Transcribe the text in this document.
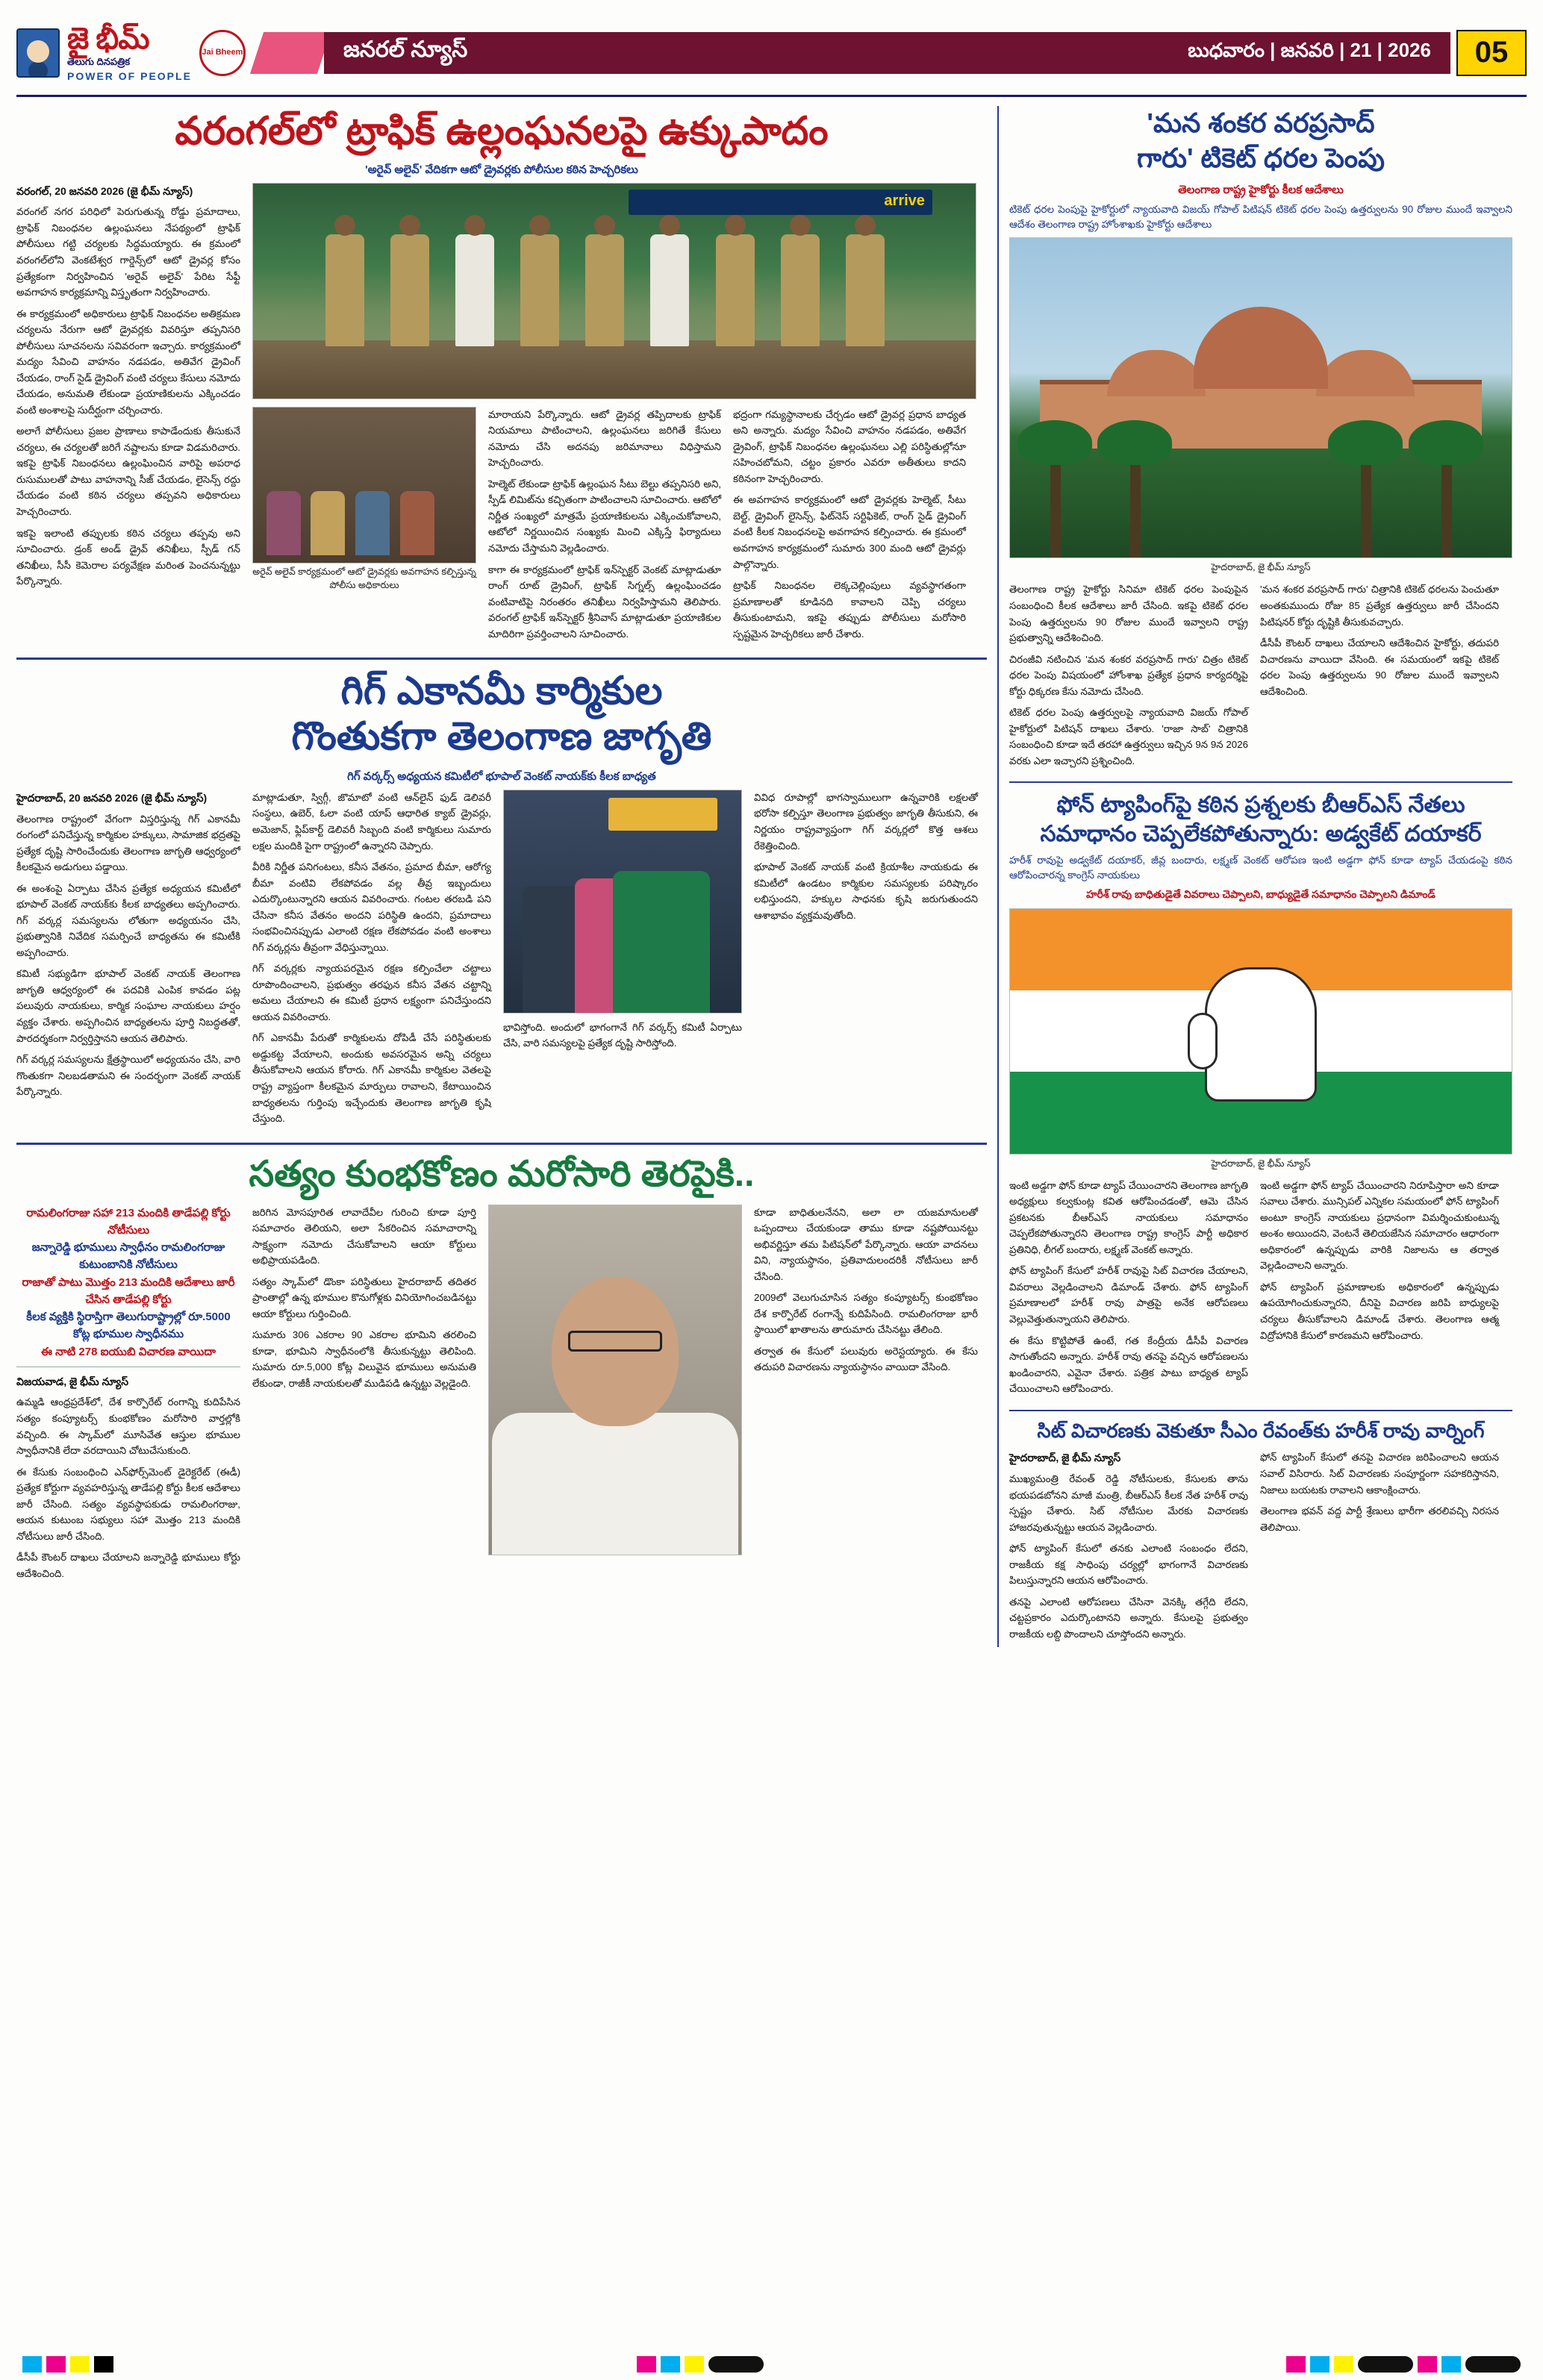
జై భీమ్
తెలుగు దినపత్రిక
POWER OF PEOPLE
Jai Bheem	జనరల్ న్యూస్	బుధవారం | జనవరి | 21 | 2026	05
వరంగల్‌లో ట్రాఫిక్ ఉల్లంఘనలపై ఉక్కుపాదం
'అరైవ్ అలైవ్' వేదికగా ఆటో డ్రైవర్లకు పోలీసుల కఠిన హెచ్చరికలు
వరంగల్, 20 జనవరి 2026 (జై భీమ్ న్యూస్)

వరంగల్ నగర పరిధిలో పెరుగుతున్న రోడ్డు ప్రమాదాలు, ట్రాఫిక్ నిబంధనల ఉల్లంఘనలు నేపథ్యంలో ట్రాఫిక్ పోలీసులు గట్టి చర్యలకు సిద్ధమయ్యారు. ఈ క్రమంలో వరంగల్‌లోని వెంకటేశ్వర గార్డెన్స్‌లో ఆటో డ్రైవర్ల కోసం ప్రత్యేకంగా నిర్వహించిన 'అరైవ్ అలైవ్' పేరిట సేఫ్టీ అవగాహన కార్యక్రమాన్ని విస్తృతంగా నిర్వహించారు.

ఈ కార్యక్రమంలో అధికారులు ట్రాఫిక్ నిబంధనల అతిక్రమణ చర్యలను నేరుగా ఆటో డ్రైవర్లకు వివరిస్తూ తప్పనిసరి పోలీసులు సూచనలను సవివరంగా ఇచ్చారు. కార్యక్రమంలో మద్యం సేవించి వాహనం నడపడం, అతివేగ డ్రైవింగ్ చేయడం, రాంగ్ సైడ్ డ్రైవింగ్ వంటి చర్యలు కేసులు నమోదు చేయడం, అనుమతి లేకుండా ప్రయాణికులను ఎక్కించడం వంటి అంశాలపై సుదీర్ఘంగా చర్చించారు.

అలాగే పోలీసులు ప్రజల ప్రాణాలు కాపాడేందుకు తీసుకునే చర్యలు, ఈ చర్యలతో జరిగే నష్టాలను కూడా విడమరిచారు. ఇకపై ట్రాఫిక్ నిబంధనలు ఉల్లంఘించిన వారిపై అపరాధ రుసుములతో పాటు వాహనాన్ని సీజ్ చేయడం, లైసెన్స్ రద్దు చేయడం వంటి కఠిన చర్యలు తప్పవని అధికారులు హెచ్చరించారు.

ఇకపై ఇలాంటి తప్పులకు కఠిన చర్యలు తప్పవు అని సూచించారు. డ్రంక్ అండ్ డ్రైవ్ తనిఖీలు, స్పీడ్ గన్ తనిఖీలు, సీసీ కెమెరాల పర్యవేక్షణ మరింత పెంచనున్నట్టు పేర్కొన్నారు.

arrive
అరైవ్ అలైవ్ కార్యక్రమంలో ఆటో డ్రైవర్లకు అవగాహన కల్పిస్తున్న పోలీసు అధికారులు

మారాయని పేర్కొన్నారు. ఆటో డ్రైవర్ల తప్పిదాలకు ట్రాఫిక్ నియమాలు పాటించాలని, ఉల్లంఘనలు జరిగితే కేసులు నమోదు చేసి అదనపు జరిమానాలు విధిస్తామని హెచ్చరించారు.

హెల్మెట్ లేకుండా ట్రాఫిక్ ఉల్లంఘన సీటు బెల్టు తప్పనిసరి అని, స్పీడ్ లిమిట్‌ను కచ్చితంగా పాటించాలని సూచించారు. ఆటోలో నిర్ణీత సంఖ్యలో మాత్రమే ప్రయాణికులను ఎక్కించుకోవాలని, ఆటోలో నిర్ణయించిన సంఖ్యకు మించి ఎక్కిస్తే ఫిర్యాదులు నమోదు చేస్తామని వెల్లడించారు.

కాగా ఈ కార్యక్రమంలో ట్రాఫిక్ ఇన్‌స్పెక్టర్ వెంకట్ మాట్లాడుతూ రాంగ్ రూట్ డ్రైవింగ్, ట్రాఫిక్ సిగ్నల్స్ ఉల్లంఘించడం వంటివాటిపై నిరంతరం తనిఖీలు నిర్వహిస్తామని తెలిపారు. వరంగల్ ట్రాఫిక్ ఇన్‌స్పెక్టర్ శ్రీనివాస్ మాట్లాడుతూ ప్రయాణికుల మాదిరిగా ప్రవర్తించాలని సూచించారు.

భద్రంగా గమ్యస్థానాలకు చేర్చడం ఆటో డ్రైవర్ల ప్రధాన బాధ్యత అని అన్నారు. మద్యం సేవించి వాహనం నడపడం, అతివేగ డ్రైవింగ్, ట్రాఫిక్ నిబంధనల ఉల్లంఘనలు ఎల్లి పరిస్థితుల్లోనూ సహించబోమని, చట్టం ప్రకారం ఎవరూ అతీతులు కాదని కఠినంగా హెచ్చరించారు.

ఈ అవగాహన కార్యక్రమంలో ఆటో డ్రైవర్లకు హెల్మెట్, సీటు బెల్ట్, డ్రైవింగ్ లైసెన్స్, ఫిట్‌నెస్ సర్టిఫికెట్, రాంగ్ సైడ్ డ్రైవింగ్ వంటి కీలక నిబంధనలపై అవగాహన కల్పించారు. ఈ క్రమంలో అవగాహన కార్యక్రమంలో సుమారు 300 మంది ఆటో డ్రైవర్లు పాల్గొన్నారు.

ట్రాఫిక్ నిబంధనల లెక్కచెల్లింపులు వ్యవస్థాగతంగా ప్రమాణాలతో కూడినది కావాలని చెప్పి చర్యలు తీసుకుంటామని, ఇకపై తప్పుడు పోలీసులు మరోసారి స్పష్టమైన హెచ్చరికలు జారీ చేశారు.

గిగ్ ఎకానమీ కార్మికుల
గొంతుకగా తెలంగాణ జాగృతి
గిగ్ వర్కర్స్ అధ్యయన కమిటీలో భూపాల్ వెంకట్ నాయక్‌కు కీలక బాధ్యత
హైదరాబాద్, 20 జనవరి 2026 (జై భీమ్ న్యూస్)

తెలంగాణ రాష్ట్రంలో వేగంగా విస్తరిస్తున్న గిగ్ ఎకానమీ రంగంలో పనిచేస్తున్న కార్మికుల హక్కులు, సామాజిక భద్రతపై ప్రత్యేక దృష్టి సారించేందుకు తెలంగాణ జాగృతి ఆధ్వర్యంలో కీలకమైన అడుగులు పడ్డాయి.

ఈ అంశంపై ఏర్పాటు చేసిన ప్రత్యేక అధ్యయన కమిటీలో భూపాల్ వెంకట్ నాయక్‌కు కీలక బాధ్యతలు అప్పగించారు. గిగ్ వర్కర్ల సమస్యలను లోతుగా అధ్యయనం చేసి, ప్రభుత్వానికి నివేదిక సమర్పించే బాధ్యతను ఈ కమిటీకి అప్పగించారు.

కమిటీ సభ్యుడిగా భూపాల్ వెంకట్ నాయక్ తెలంగాణ జాగృతి ఆధ్వర్యంలో ఈ పదవికి ఎంపిక కావడం పట్ల పలువురు నాయకులు, కార్మిక సంఘాల నాయకులు హర్షం వ్యక్తం చేశారు. అప్పగించిన బాధ్యతలను పూర్తి నిబద్ధతతో, పారదర్శకంగా నిర్వర్తిస్తానని ఆయన తెలిపారు.

గిగ్ వర్కర్ల సమస్యలను క్షేత్రస్థాయిలో అధ్యయనం చేసి, వారి గొంతుకగా నిలబడతామని ఈ సందర్భంగా వెంకట్ నాయక్ పేర్కొన్నారు.

మాట్లాడుతూ, స్విగ్గీ, జొమాటో వంటి ఆన్‌లైన్ ఫుడ్ డెలివరీ సంస్థలు, ఉబెర్, ఓలా వంటి యాప్ ఆధారిత క్యాబ్ డ్రైవర్లు, అమెజాన్, ఫ్లిప్‌కార్ట్ డెలివరీ సిబ్బంది వంటి కార్మికులు సుమారు లక్షల మందికి పైగా రాష్ట్రంలో ఉన్నారని చెప్పారు.

వీరికి నిర్ణీత పనిగంటలు, కనీస వేతనం, ప్రమాద బీమా, ఆరోగ్య బీమా వంటివి లేకపోవడం వల్ల తీవ్ర ఇబ్బందులు ఎదుర్కొంటున్నారని ఆయన వివరించారు. గంటల తరబడి పని చేసినా కనీస వేతనం అందని పరిస్థితి ఉందని, ప్రమాదాలు సంభవించినప్పుడు ఎలాంటి రక్షణ లేకపోవడం వంటి అంశాలు గిగ్ వర్కర్లను తీవ్రంగా వేధిస్తున్నాయి.

గిగ్ వర్కర్లకు న్యాయపరమైన రక్షణ కల్పించేలా చట్టాలు రూపొందించాలని, ప్రభుత్వం తరఫున కనీస వేతన చట్టాన్ని అమలు చేయాలని ఈ కమిటీ ప్రధాన లక్ష్యంగా పనిచేస్తుందని ఆయన వివరించారు.

గిగ్ ఎకానమీ పేరుతో కార్మికులను దోపిడీ చేసే పరిస్థితులకు అడ్డుకట్ట వేయాలని, అందుకు అవసరమైన అన్ని చర్యలు తీసుకోవాలని ఆయన కోరారు. గిగ్ ఎకానమీ కార్మికుల వెతలపై రాష్ట్ర వ్యాప్తంగా కీలకమైన మార్పులు రావాలని, కేటాయించిన బాధ్యతలను గుర్తింపు ఇచ్చేందుకు తెలంగాణ జాగృతి కృషి చేస్తుంది.

భావిస్తోంది. అందులో భాగంగానే గిగ్ వర్కర్స్ కమిటీ ఏర్పాటు చేసి, వారి సమస్యలపై ప్రత్యేక దృష్టి సారిస్తోంది.

వివిధ రూపాల్లో భాగస్వాములుగా ఉన్నవారికి లక్షలతో భరోసా కల్పిస్తూ తెలంగాణ ప్రభుత్వం జాగృతి తీసుకుని, ఈ నిర్ణయం రాష్ట్రవ్యాప్తంగా గిగ్ వర్కర్లలో కొత్త ఆశలు రేకెత్తించింది.

భూపాల్ వెంకట్ నాయక్ వంటి క్రియాశీల నాయకుడు ఈ కమిటీలో ఉండటం కార్మికుల సమస్యలకు పరిష్కారం లభిస్తుందని, హక్కుల సాధనకు కృషి జరుగుతుందని ఆశాభావం వ్యక్తమవుతోంది.

సత్యం కుంభకోణం మరోసారి తెరపైకి..
రామలింగరాజు సహా 213 మందికి తాడేపల్లి కోర్టు నోటీసులు
జన్నారెడ్డి భూములు స్వాధీనం రామలింగరాజు కుటుంబానికి నోటీసులు
రాజాతో పాటు మొత్తం 213 మందికి ఆదేశాలు జారీ చేసిన తాడేపల్లి కోర్టు
కీలక వ్యక్తికి స్థిరాస్తిగా తెలుగురాష్ట్రాల్లో రూ.5000 కోట్ల భూముల స్వాధీనము
ఈ నాటి 278 ఐయుబి విచారణ వాయిదా
విజయవాడ, జై భీమ్ న్యూస్

ఉమ్మడి ఆంధ్రప్రదేశ్‌లో, దేశ కార్పొరేట్ రంగాన్ని కుదిపేసిన సత్యం కంప్యూటర్స్ కుంభకోణం మరోసారి వార్తల్లోకి వచ్చింది. ఈ స్కామ్‌లో మూసివేత ఆస్తుల భూముల స్వాధీనానికి లేదా వరదాయిని చోటుచేసుకుంది.

ఈ కేసుకు సంబంధించి ఎన్‌ఫోర్స్‌మెంట్ డైరెక్టరేట్ (ఈడీ) ప్రత్యేక కోర్టుగా వ్యవహరిస్తున్న తాడేపల్లి కోర్టు కీలక ఆదేశాలు జారీ చేసింది. సత్యం వ్యవస్థాపకుడు రామలింగరాజు, ఆయన కుటుంబ సభ్యులు సహా మొత్తం 213 మందికి నోటీసులు జారీ చేసింది.

డీసీపీ కౌంటర్ దాఖలు చేయాలని జన్నారెడ్డి భూములు కోర్టు ఆదేశించింది.

జరిగిన మోసపూరిత లావాదేవీల గురించి కూడా పూర్తి సమాచారం తెలియని, అలా సేకరించిన సమాచారాన్ని సాక్ష్యంగా నమోదు చేసుకోవాలని ఆయా కోర్టులు అభిప్రాయపడింది.

సత్యం స్కామ్‌లో డొంకా పరిస్థితులు హైదరాబాద్ తదితర ప్రాంతాల్లో ఉన్న భూముల కొనుగోళ్లకు వినియోగించబడినట్టు ఆయా కోర్టులు గుర్తించింది.

సుమారు 306 ఎకరాల 90 ఎకరాల భూమిని తరలించి కూడా, భూమిని స్వాధీనంలోకి తీసుకున్నట్టు తెలిపింది. సుమారు రూ.5,000 కోట్ల విలువైన భూములు అనుమతి లేకుండా, రాజీకీ నాయకులతో ముడిపడి ఉన్నట్టు వెల్లడైంది.

కూడా బాధితులనేనని, అలా లా యజమానులతో ఒప్పందాలు చేయకుండా తాము కూడా నష్టపోయినట్టు అభివర్ణిస్తూ తమ పిటిషన్‌లో పేర్కొన్నారు. ఆయా వాదనలు విని, న్యాయస్థానం, ప్రతివాదులందరికీ నోటీసులు జారీ చేసింది.

2009లో వెలుగుచూసిన సత్యం కంప్యూటర్స్ కుంభకోణం దేశ కార్పొరేట్ రంగాన్నే కుదిపేసింది. రామలింగరాజు భారీ స్థాయిలో ఖాతాలను తారుమారు చేసినట్టు తేలింది.

తర్వాత ఈ కేసులో పలువురు అరెస్టయ్యారు. ఈ కేసు తదుపరి విచారణను న్యాయస్థానం వాయిదా వేసింది.

'మన శంకర వరప్రసాద్
గారు' టికెట్ ధరల పెంపు
తెలంగాణ రాష్ట్ర హైకోర్టు కీలక ఆదేశాలు
టికెట్ ధరల పెంపుపై హైకోర్టులో న్యాయవాది విజయ్ గోపాల్ పిటిషన్ టికెట్ ధరల పెంపు ఉత్తర్వులను 90 రోజుల ముందే ఇవ్వాలని ఆదేశం తెలంగాణ రాష్ట్ర హోంశాఖకు హైకోర్టు ఆదేశాలు
హైదరాబాద్, జై భీమ్ న్యూస్

తెలంగాణ రాష్ట్ర హైకోర్టు సినిమా టికెట్ ధరల పెంపుపైన సంబంధించి కీలక ఆదేశాలు జారీ చేసింది. ఇకపై టికెట్ ధరల పెంపు ఉత్తర్వులను 90 రోజుల ముందే ఇవ్వాలని రాష్ట్ర ప్రభుత్వాన్ని ఆదేశించింది.

చిరంజీవి నటించిన 'మన శంకర వరప్రసాద్ గారు' చిత్రం టికెట్ ధరల పెంపు విషయంలో హోంశాఖ ప్రత్యేక ప్రధాన కార్యదర్శిపై కోర్టు ధిక్కరణ కేసు నమోదు చేసింది.

టికెట్ ధరల పెంపు ఉత్తర్వులపై న్యాయవాది విజయ్ గోపాల్ హైకోర్టులో పిటిషన్ దాఖలు చేశారు. 'రాజా సాబ్' చిత్రానికి సంబంధించి కూడా ఇదే తరహా ఉత్తర్వులు ఇచ్చిన 9న 9న 2026 వరకు ఎలా ఇచ్చారని ప్రశ్నించింది.

'మన శంకర వరప్రసాద్ గారు' చిత్రానికి టికెట్ ధరలను పెంచుతూ అంతకుముందు రోజు 85 ప్రత్యేక ఉత్తర్వులు జారీ చేసిందని పిటిషనర్ కోర్టు దృష్టికి తీసుకువచ్చారు.

డీసీపీ కౌంటర్ దాఖలు చేయాలని ఆదేశించిన హైకోర్టు, తదుపరి విచారణను వాయిదా వేసింది. ఈ సమయంలో ఇకపై టికెట్ ధరల పెంపు ఉత్తర్వులను 90 రోజుల ముందే ఇవ్వాలని ఆదేశించింది.

ఫోన్ ట్యాపింగ్‌పై కఠిన ప్రశ్నలకు బీఆర్ఎస్ నేతలు
సమాధానం చెప్పలేకపోతున్నారు: అడ్వకేట్ దయాకర్
హరీశ్ రావుపై అడ్వకేట్ దయాకర్, జీవ్ల బందారు, లక్ష్మణ్ వెంకట్ ఆరోపణ ఇంటి అడ్డగా ఫోన్ కూడా ట్యాప్ చేయడంపై కఠిన ఆరోపించారన్న కాంగ్రెస్ నాయకులు
హరీశ్ రావు బాధితుడైతే వివరాలు చెప్పాలని, బాధ్యుడైతే సమాధానం చెప్పాలని డిమాండ్
హైదరాబాద్, జై భీమ్ న్యూస్

ఇంటి అడ్డగా ఫోన్ కూడా ట్యాప్ చేయించారని తెలంగాణ జాగృతి అధ్యక్షులు కల్వకుంట్ల కవిత ఆరోపించడంతో, ఆమె చేసిన ప్రకటనకు బీఆర్ఎస్ నాయకులు సమాధానం చెప్పలేకపోతున్నారని తెలంగాణ రాష్ట్ర కాంగ్రెస్ పార్టీ అధికార ప్రతినిధి, లీగల్ బందారు, లక్ష్మణ్ వెంకట్ అన్నారు.

ఫోన్ ట్యాపింగ్ కేసులో హరీశ్ రావుపై సిట్ విచారణ చేయాలని, వివరాలు వెల్లడించాలని డిమాండ్ చేశారు. ఫోన్ ట్యాపింగ్ ప్రమాణాలలో హరీశ్ రావు పాత్రపై అనేక ఆరోపణలు వెల్లువెత్తుతున్నాయని తెలిపారు.

ఈ కేసు కొట్టిపోతే ఉంటే, గత కేంద్రీయ డీసీపీ విచారణ సాగుతోందని అన్నారు. హరీశ్ రావు తనపై వచ్చిన ఆరోపణలను ఖండించారని, ఎవైనా చేశారు. పత్రిక పాటు బాధ్యత ట్యాప్ చేయించాలని ఆరోపించారు.

ఇంటి అడ్డగా ఫోన్ ట్యాప్ చేయించారని నిరూపిస్తారా అని కూడా సవాలు చేశారు. మున్సిపల్ ఎన్నికల సమయంలో ఫోన్ ట్యాపింగ్ అంటూ కాంగ్రెస్ నాయకులు ప్రధానంగా విమర్శించుకుంటున్న అంశం అయిందని, వెంటనే తెలియజేసిన సమాచారం ఆధారంగా అధికారంలో ఉన్నప్పుడు వారికి నిజాలను ఆ తర్వాత వెల్లడించాలని అన్నారు.

ఫోన్ ట్యాపింగ్ ప్రమాణాలకు అధికారంలో ఉన్నప్పుడు ఉపయోగించుకున్నారని, దీనిపై విచారణ జరిపి బాధ్యులపై చర్యలు తీసుకోవాలని డిమాండ్ చేశారు. తెలంగాణ ఆత్మ విద్రోహానికి కేసులో కారణమని ఆరోపించారు.

సిట్ విచారణకు వెకుతూ సీఎం రేవంత్‌కు హరీశ్ రావు వార్నింగ్
హైదరాబాద్, జై భీమ్ న్యూస్

ముఖ్యమంత్రి రేవంత్ రెడ్డి నోటీసులకు, కేసులకు తాను భయపడబోనని మాజీ మంత్రి, బీఆర్ఎస్ కీలక నేత హరీశ్ రావు స్పష్టం చేశారు. సిట్ నోటీసుల మేరకు విచారణకు హాజరవుతున్నట్టు ఆయన వెల్లడించారు.

ఫోన్ ట్యాపింగ్ కేసులో తనకు ఎలాంటి సంబంధం లేదని, రాజకీయ కక్ష సాధింపు చర్యల్లో భాగంగానే విచారణకు పిలుస్తున్నారని ఆయన ఆరోపించారు.

తనపై ఎలాంటి ఆరోపణలు చేసినా వెనక్కి తగ్గేది లేదని, చట్టప్రకారం ఎదుర్కొంటానని అన్నారు. కేసులపై ప్రభుత్వం రాజకీయ లబ్ది పొందాలని చూస్తోందని అన్నారు.

ఫోన్ ట్యాపింగ్ కేసులో తనపై విచారణ జరిపించాలని ఆయన సవాల్ విసిరారు. సిట్ విచారణకు సంపూర్ణంగా సహకరిస్తానని, నిజాలు బయటకు రావాలని ఆకాంక్షించారు.

తెలంగాణ భవన్ వద్ద పార్టీ శ్రేణులు భారీగా తరలివచ్చి నిరసన తెలిపాయి.
